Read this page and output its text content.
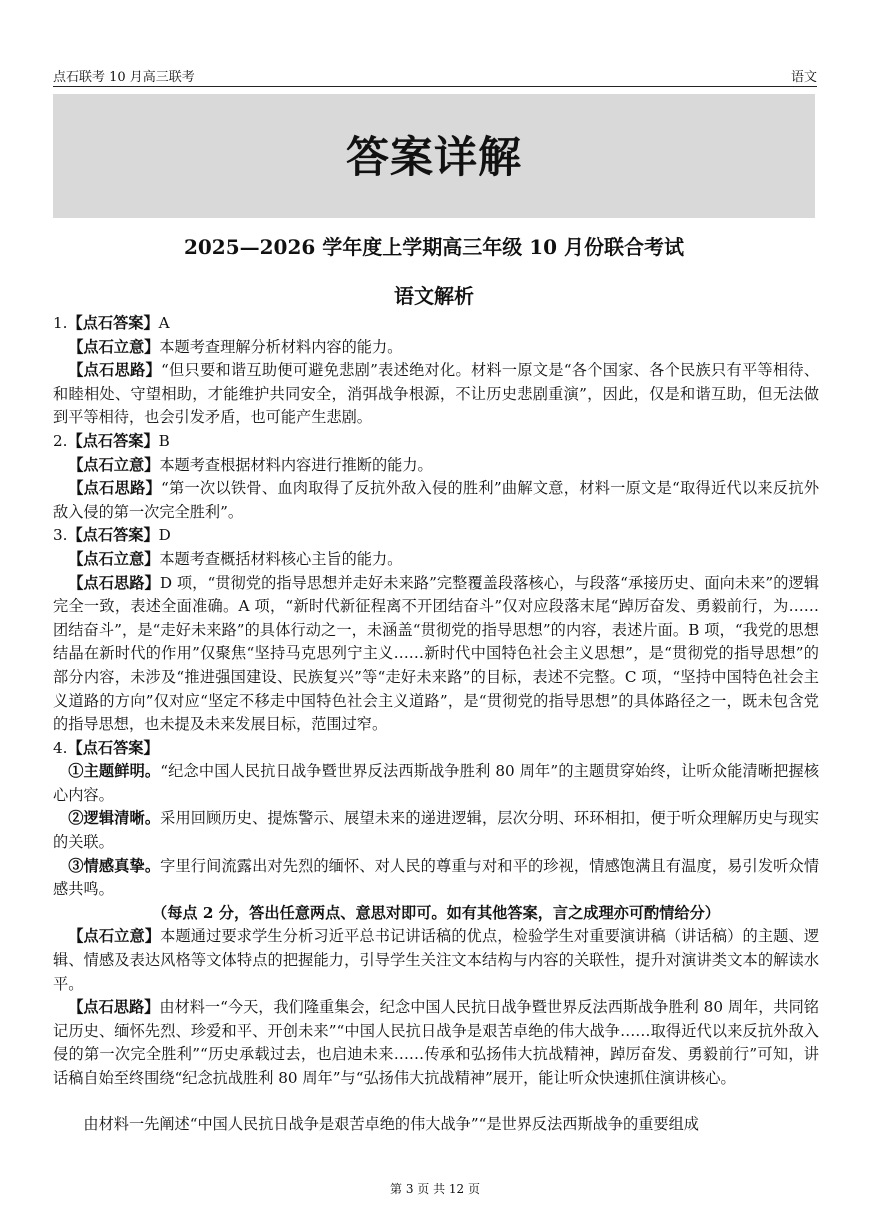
点石联考 10 月高三联考	语文
答案详解
2025—2026 学年度上学期高三年级 10 月份联合考试
语文解析

1.【点石答案】A

【点石立意】本题考查理解分析材料内容的能力。

【点石思路】“但只要和谐互助便可避免悲剧”表述绝对化。材料一原文是“各个国家、各个民族只有平等相待、和睦相处、守望相助，才能维护共同安全，消弭战争根源，不让历史悲剧重演”，因此，仅是和谐互助，但无法做到平等相待，也会引发矛盾，也可能产生悲剧。

2.【点石答案】B

【点石立意】本题考查根据材料内容进行推断的能力。

【点石思路】“第一次以铁骨、血肉取得了反抗外敌入侵的胜利”曲解文意，材料一原文是“取得近代以来反抗外敌入侵的第一次完全胜利”。

3.【点石答案】D

【点石立意】本题考查概括材料核心主旨的能力。

【点石思路】D 项，“贯彻党的指导思想并走好未来路”完整覆盖段落核心，与段落“承接历史、面向未来”的逻辑完全一致，表述全面准确。A 项，“新时代新征程离不开团结奋斗”仅对应段落末尾“踔厉奋发、勇毅前行，为……团结奋斗”，是“走好未来路”的具体行动之一，未涵盖“贯彻党的指导思想”的内容，表述片面。B 项，“我党的思想结晶在新时代的作用”仅聚焦“坚持马克思列宁主义……新时代中国特色社会主义思想”，是“贯彻党的指导思想”的部分内容，未涉及“推进强国建设、民族复兴”等“走好未来路”的目标，表述不完整。C 项，“坚持中国特色社会主义道路的方向”仅对应“坚定不移走中国特色社会主义道路”，是“贯彻党的指导思想”的具体路径之一，既未包含党的指导思想，也未提及未来发展目标，范围过窄。

4.【点石答案】

①主题鲜明。“纪念中国人民抗日战争暨世界反法西斯战争胜利 80 周年”的主题贯穿始终，让听众能清晰把握核心内容。

②逻辑清晰。采用回顾历史、提炼警示、展望未来的递进逻辑，层次分明、环环相扣，便于听众理解历史与现实的关联。

③情感真挚。字里行间流露出对先烈的缅怀、对人民的尊重与对和平的珍视，情感饱满且有温度，易引发听众情感共鸣。

（每点 2 分，答出任意两点、意思对即可。如有其他答案，言之成理亦可酌情给分）

【点石立意】本题通过要求学生分析习近平总书记讲话稿的优点，检验学生对重要演讲稿（讲话稿）的主题、逻辑、情感及表达风格等文体特点的把握能力，引导学生关注文本结构与内容的关联性，提升对演讲类文本的解读水平。

【点石思路】由材料一“今天，我们隆重集会，纪念中国人民抗日战争暨世界反法西斯战争胜利 80 周年，共同铭记历史、缅怀先烈、珍爱和平、开创未来”“中国人民抗日战争是艰苦卓绝的伟大战争……取得近代以来反抗外敌入侵的第一次完全胜利”“历史承载过去，也启迪未来……传承和弘扬伟大抗战精神，踔厉奋发、勇毅前行”可知，讲话稿自始至终围绕“纪念抗战胜利 80 周年”与“弘扬伟大抗战精神”展开，能让听众快速抓住演讲核心。

由材料一先阐述“中国人民抗日战争是艰苦卓绝的伟大战争”“是世界反法西斯战争的重要组成

第 3 页 共 12 页
